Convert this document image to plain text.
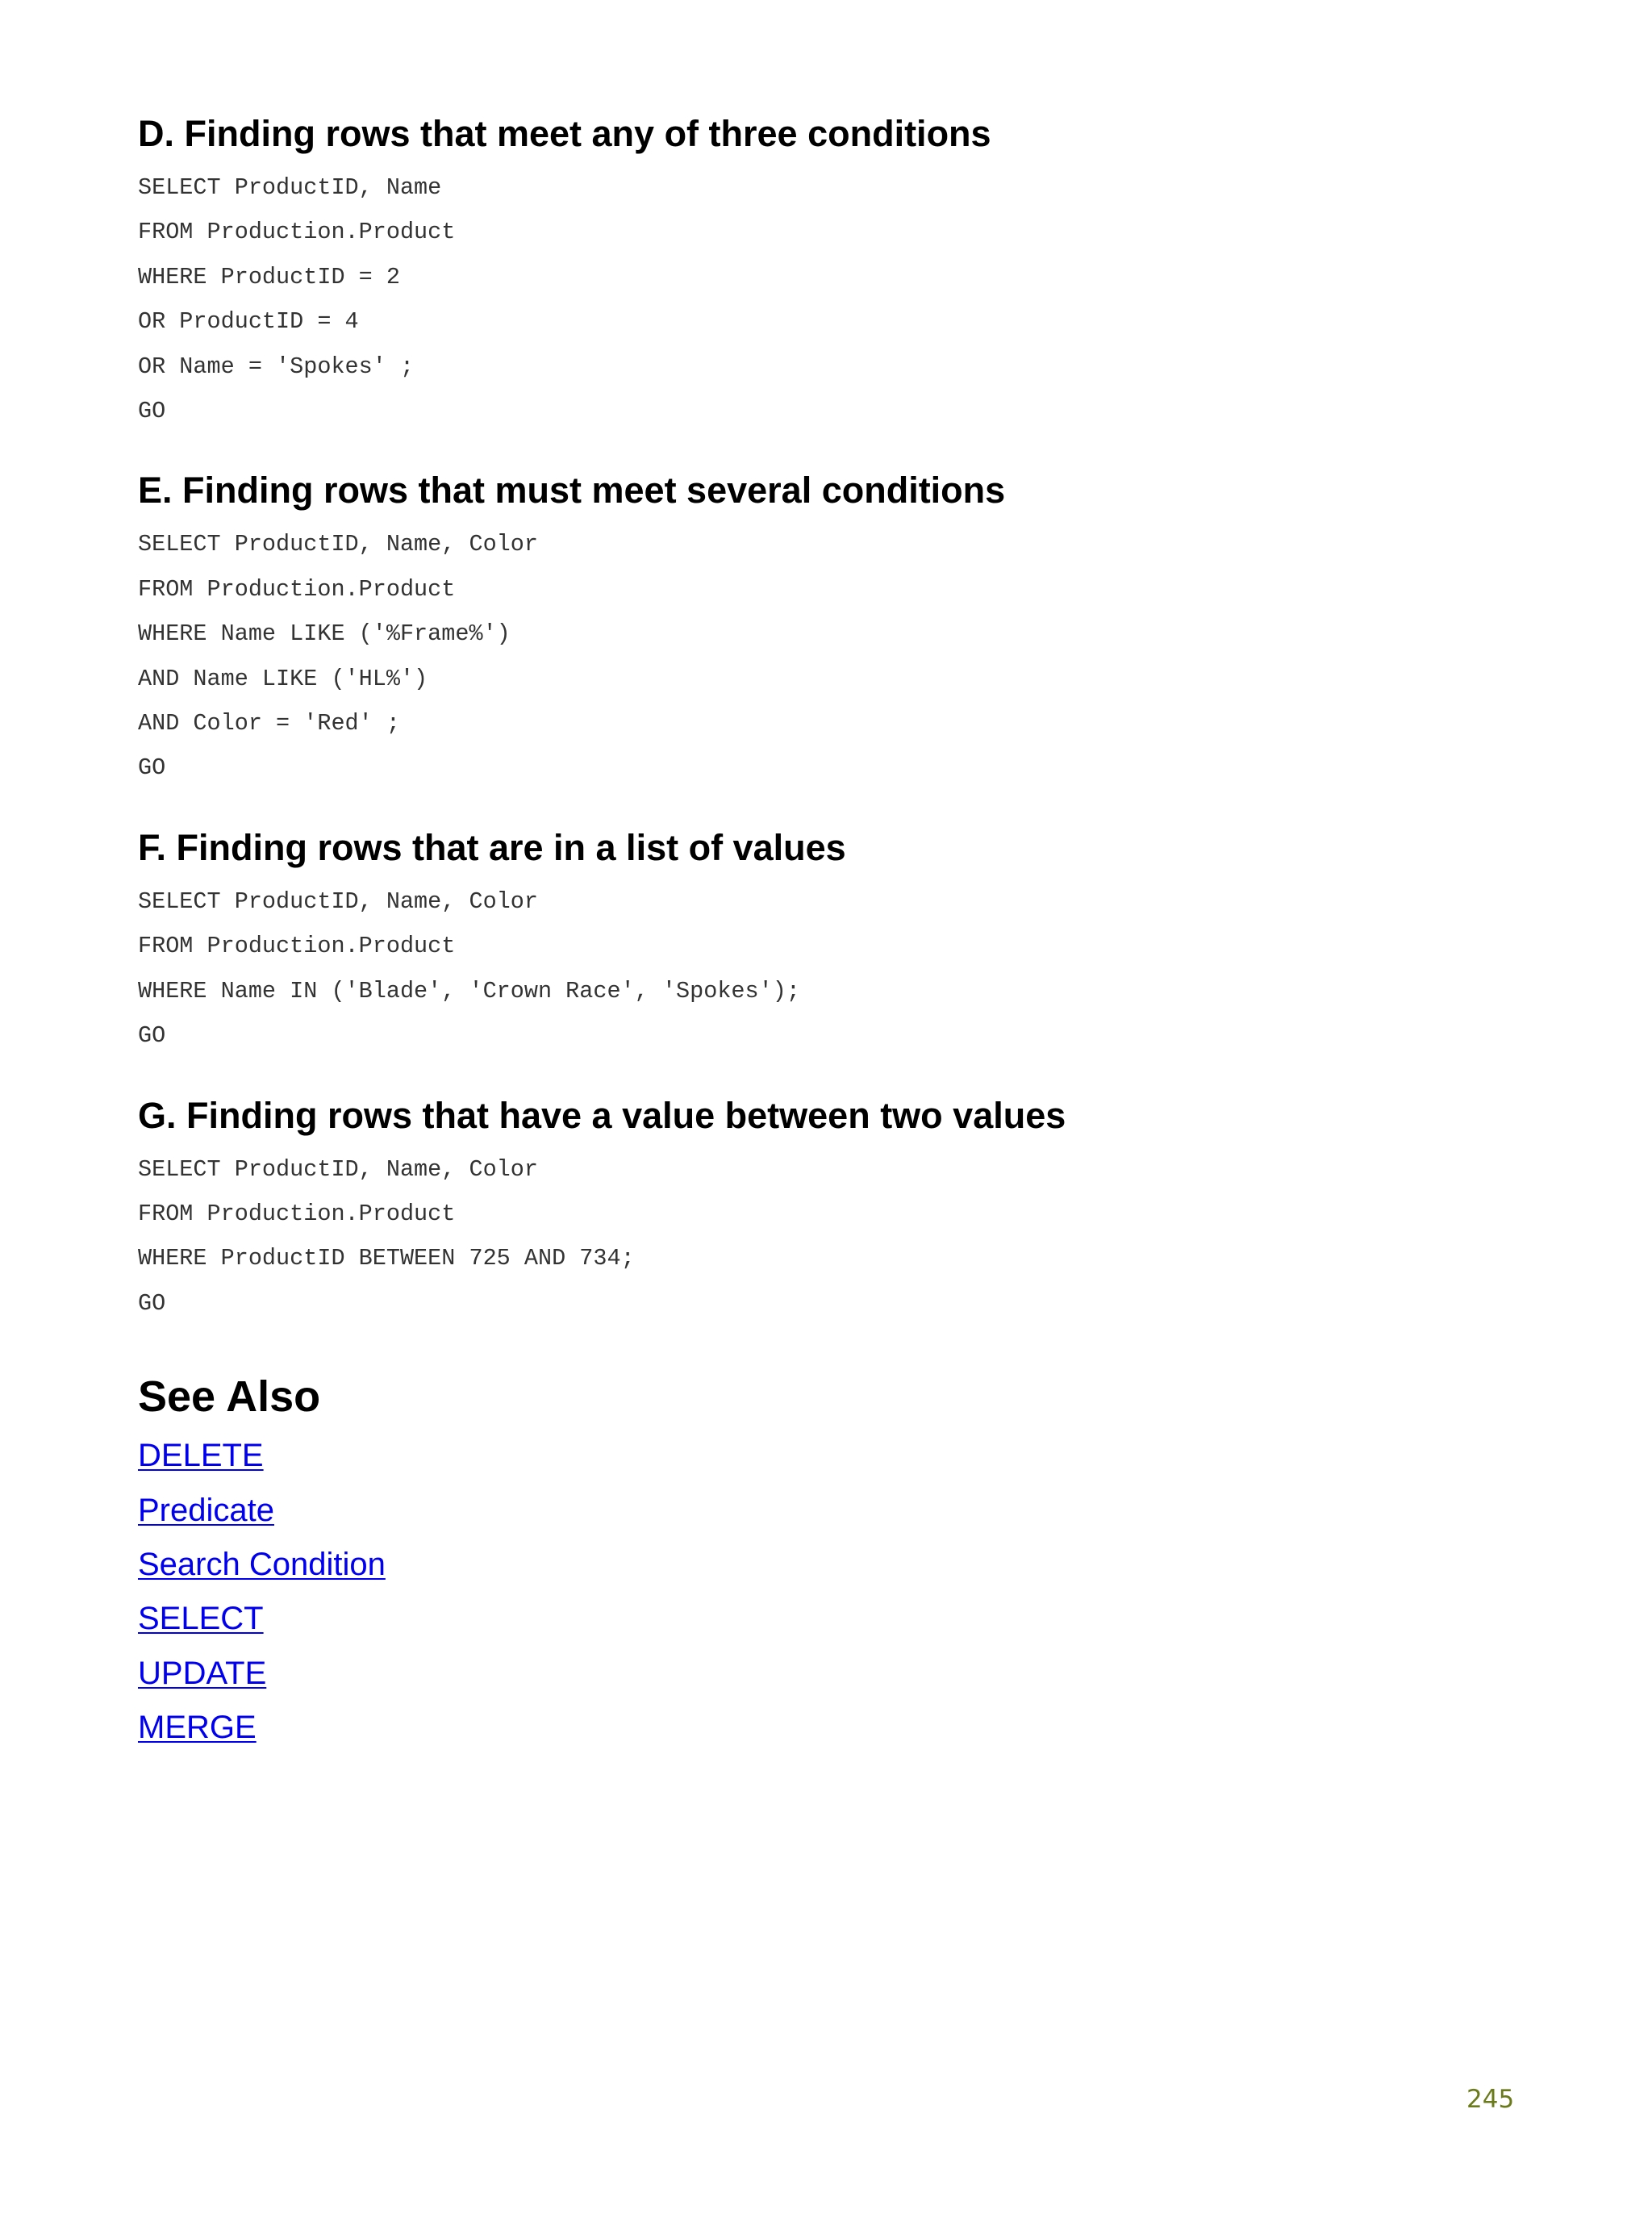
D. Finding rows that meet any of three conditions
SELECT ProductID, Name
FROM Production.Product
WHERE ProductID = 2
OR ProductID = 4
OR Name = 'Spokes' ;
GO
E. Finding rows that must meet several conditions
SELECT ProductID, Name, Color
FROM Production.Product
WHERE Name LIKE ('%Frame%')
AND Name LIKE ('HL%')
AND Color = 'Red' ;
GO
F. Finding rows that are in a list of values
SELECT ProductID, Name, Color
FROM Production.Product
WHERE Name IN ('Blade', 'Crown Race', 'Spokes');
GO
G. Finding rows that have a value between two values
SELECT ProductID, Name, Color
FROM Production.Product
WHERE ProductID BETWEEN 725 AND 734;
GO
See Also
DELETE
Predicate
Search Condition
SELECT
UPDATE
MERGE
245
